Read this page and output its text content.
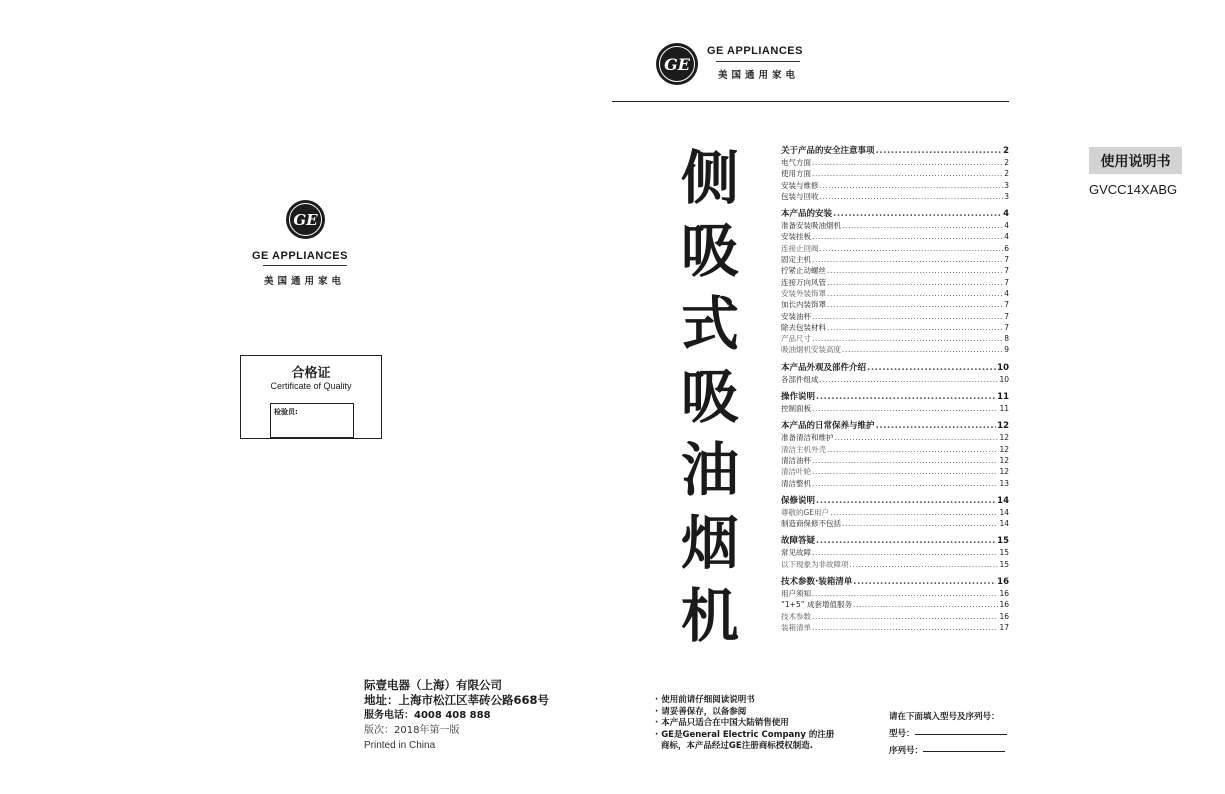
GE
GE APPLIANCES
美国通用家电
合格证
Certificate of Quality
检验员:
际壹电器（上海）有限公司
地址：上海市松江区莘砖公路668号
服务电话：4008 408 888
版次：2018年第一版
Printed in China
GE
GE APPLIANCES
美国通用家电
侧
吸
式
吸
油
烟
机
关于产品的安全注意事项 .....	2
电气方面 .....	2
使用方面 .....	2
安装与维修 .....	3
包装与回收 .....	3
本产品的安装 .....	4
准备安装吸油烟机 .....	4
安装挂板 .....	4
连接止回阀 .....	6
固定主机 .....	7
拧紧止动螺丝 .....	7
连接万向风管 .....	7
安装外装饰罩 .....	4
加长内装饰罩 .....	7
安装油杯 .....	7
除去包装材料 .....	7
产品尺寸 .....	8
吸油烟机安装高度 .....	9
本产品外观及部件介绍 .....	10
各部件组成 .....	10
操作说明 .....	11
控制面板 .....	11
本产品的日常保养与维护 .....	12
准备清洁和维护 .....	12
清洁主机外壳 .....	12
清洁油杯 .....	12
清洁叶轮 .....	12
清洁整机 .....	13
保修说明 .....	14
尊敬的GE用户 .....	14
制造商保修不包括 .....	14
故障答疑 .....	15
常见故障 .....	15
以下现象为非故障项 .....	15
技术参数·装箱清单 .....	16
用户须知 .....	16
“1+5” 成套增值服务 .....	16
技术参数 .....	16
装箱清单 .....	17
使用说明书
GVCC14XABG
· 使用前请仔细阅读说明书
· 请妥善保存，以备参阅
· 本产品只适合在中国大陆销售使用
· GE是General Electric Company 的注册
商标，本产品经过GE注册商标授权制造.
请在下面填入型号及序列号：
型号：
序列号：
